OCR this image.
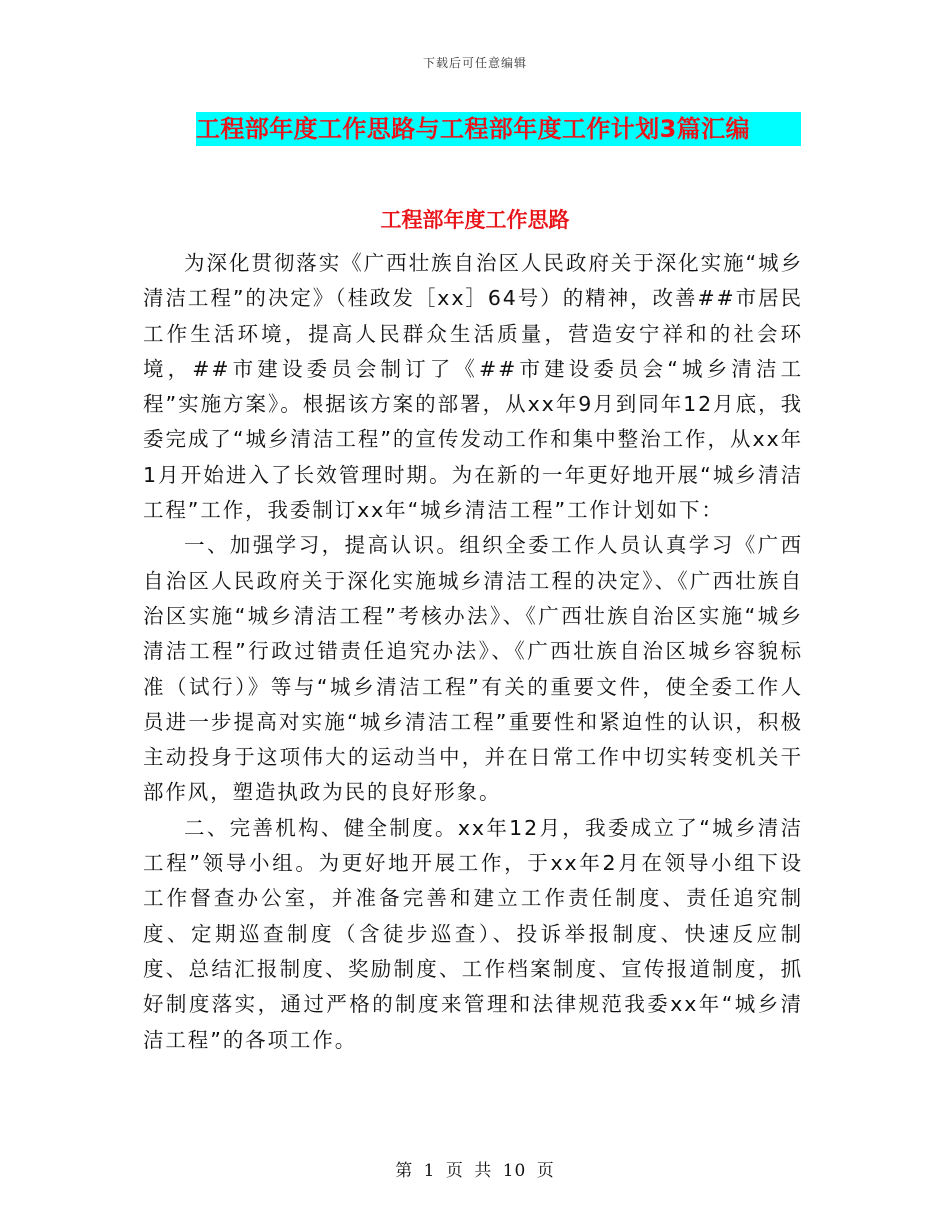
下载后可任意编辑
工程部年度工作思路与工程部年度工作计划3篇汇编
工程部年度工作思路

为深化贯彻落实《广西壮族自治区人民政府关于深化实施“城乡清洁工程”的决定》（桂政发［xx］64号）的精神，改善##市居民工作生活环境，提高人民群众生活质量，营造安宁祥和的社会环境，##市建设委员会制订了《##市建设委员会“城乡清洁工程”实施方案》。根据该方案的部署，从xx年9月到同年12月底，我委完成了“城乡清洁工程”的宣传发动工作和集中整治工作，从xx年1月开始进入了长效管理时期。为在新的一年更好地开展“城乡清洁工程”工作，我委制订xx年“城乡清洁工程”工作计划如下：

一、加强学习，提高认识。组织全委工作人员认真学习《广西自治区人民政府关于深化实施城乡清洁工程的决定》、《广西壮族自治区实施“城乡清洁工程”考核办法》、《广西壮族自治区实施“城乡清洁工程”行政过错责任追究办法》、《广西壮族自治区城乡容貌标准（试行）》等与“城乡清洁工程”有关的重要文件，使全委工作人员进一步提高对实施“城乡清洁工程”重要性和紧迫性的认识，积极主动投身于这项伟大的运动当中，并在日常工作中切实转变机关干部作风，塑造执政为民的良好形象。

二、完善机构、健全制度。xx年12月，我委成立了“城乡清洁工程”领导小组。为更好地开展工作，于xx年2月在领导小组下设工作督查办公室，并准备完善和建立工作责任制度、责任追究制度、定期巡查制度（含徒步巡查）、投诉举报制度、快速反应制度、总结汇报制度、奖励制度、工作档案制度、宣传报道制度，抓好制度落实，通过严格的制度来管理和法律规范我委xx年“城乡清洁工程”的各项工作。

第 1 页 共 10 页
